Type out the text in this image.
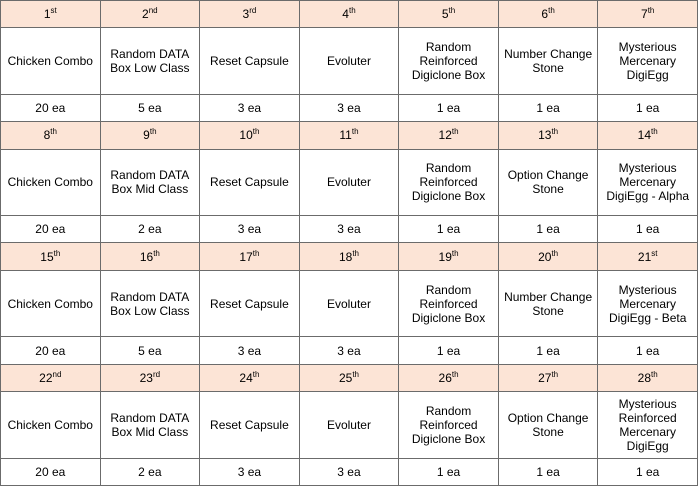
1st	2nd	3rd	4th	5th	6th	7th
Chicken Combo	Random DATA Box Low Class	Reset Capsule	Evoluter	Random Reinforced Digiclone Box	Number Change Stone	Mysterious Mercenary DigiEgg
20 ea	5 ea	3 ea	3 ea	1 ea	1 ea	1 ea
8th	9th	10th	11th	12th	13th	14th
Chicken Combo	Random DATA Box Mid Class	Reset Capsule	Evoluter	Random Reinforced Digiclone Box	Option Change Stone	Mysterious Mercenary DigiEgg - Alpha
20 ea	2 ea	3 ea	3 ea	1 ea	1 ea	1 ea
15th	16th	17th	18th	19th	20th	21st
Chicken Combo	Random DATA Box Low Class	Reset Capsule	Evoluter	Random Reinforced Digiclone Box	Number Change Stone	Mysterious Mercenary DigiEgg - Beta
20 ea	5 ea	3 ea	3 ea	1 ea	1 ea	1 ea
22nd	23rd	24th	25th	26th	27th	28th
Chicken Combo	Random DATA Box Mid Class	Reset Capsule	Evoluter	Random Reinforced Digiclone Box	Option Change Stone	Mysterious Reinforced Mercenary DigiEgg
20 ea	2 ea	3 ea	3 ea	1 ea	1 ea	1 ea
